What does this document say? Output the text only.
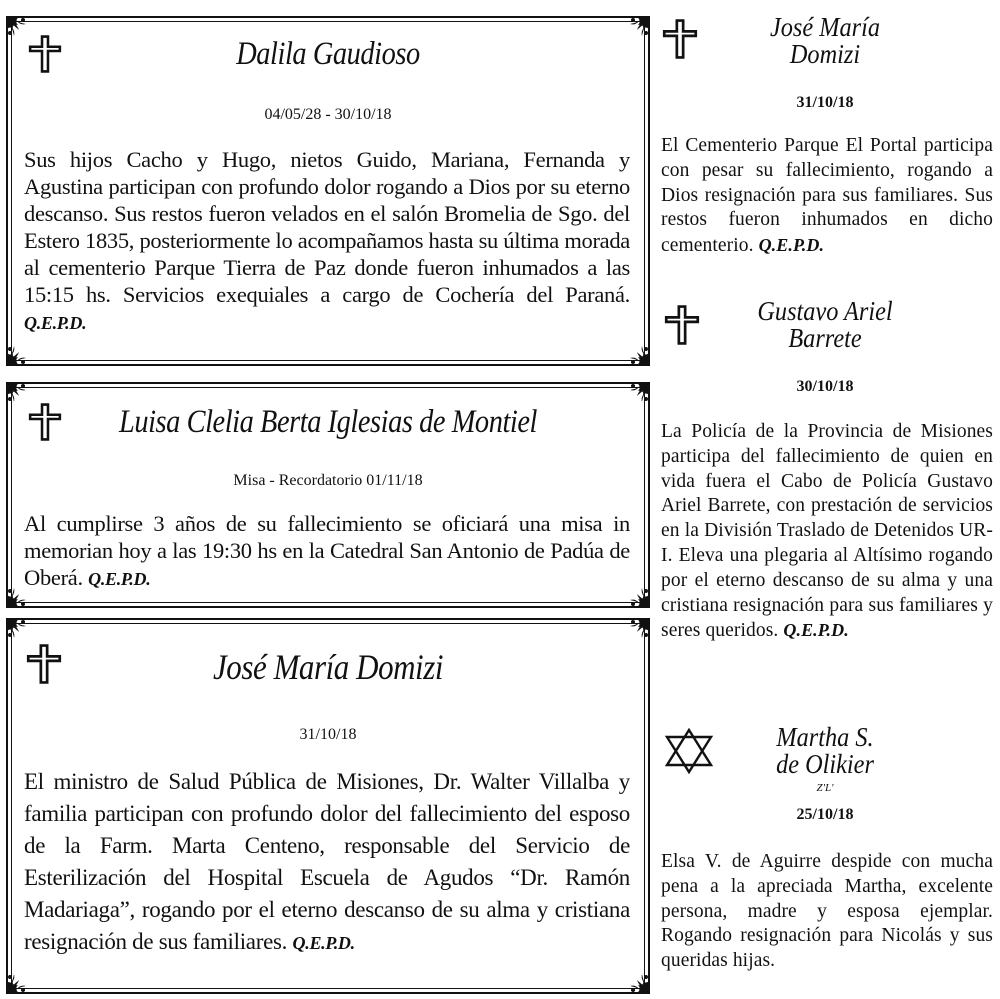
Dalila Gaudioso
04/05/28 - 30/10/18
Sus hijos Cacho y Hugo, nietos Guido, Mariana, Fernanda y Agustina participan con profundo dolor rogando a Dios por su eterno descanso. Sus restos fueron velados en el salón Bromelia de Sgo. del Estero 1835, posteriormente lo acompañamos hasta su última morada al cementerio Parque Tierra de Paz donde fueron inhumados a las 15:15 hs. Servicios exequiales a cargo de Cochería del Paraná. Q.E.P.D.
Luisa Clelia Berta Iglesias de Montiel
Misa - Recordatorio 01/11/18
Al cumplirse 3 años de su fallecimiento se oficiará una misa in memorian hoy a las 19:30 hs en la Catedral San Antonio de Padúa de Oberá. Q.E.P.D.
José María Domizi
31/10/18
El ministro de Salud Pública de Misiones, Dr. Walter Villalba y familia participan con profundo dolor del fallecimiento del esposo de la Farm. Marta Centeno, responsable del Servicio de Esterilización del Hospital Escuela de Agudos “Dr. Ramón Madariaga”, rogando por el eterno descanso de su alma y cristiana resignación de sus familiares. Q.E.P.D.
José María
Domizi
31/10/18
El Cementerio Parque El Portal participa con pesar su fallecimiento, rogando a Dios resignación para sus familiares. Sus restos fueron inhumados en dicho cementerio. Q.E.P.D.
Gustavo Ariel
Barrete
30/10/18
La Policía de la Provincia de Misiones participa del fallecimiento de quien en vida fuera el Cabo de Policía Gustavo Ariel Barrete, con prestación de servicios en la División Traslado de Detenidos UR-I. Eleva una plegaria al Altísimo rogando por el eterno descanso de su alma y una cristiana resignación para sus familiares y seres queridos. Q.E.P.D.
Martha S.
de Olikier
Z'L'
25/10/18
Elsa V. de Aguirre despide con mucha pena a la apreciada Martha, excelente persona, madre y esposa ejemplar. Rogando resignación para Nicolás y sus queridas hijas.
